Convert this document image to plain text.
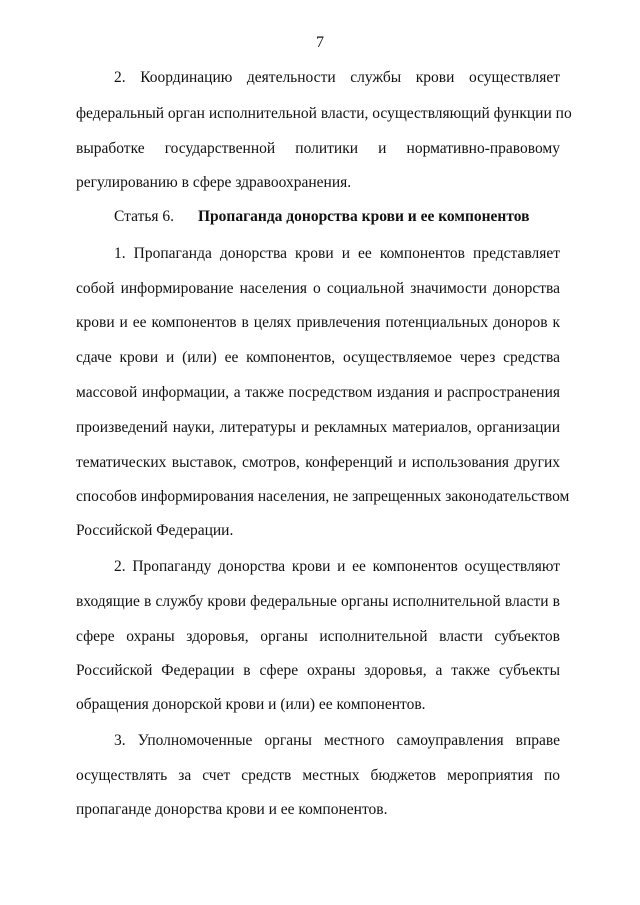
7
2. Координацию деятельности службы крови осуществляет
федеральный орган исполнительной власти, осуществляющий функции по
выработке государственной политики и нормативно-правовому
регулированию в сфере здравоохранения.
Статья 6. Пропаганда донорства крови и ее компонентов
1. Пропаганда донорства крови и ее компонентов представляет
собой информирование населения о социальной значимости донорства
крови и ее компонентов в целях привлечения потенциальных доноров к
сдаче крови и (или) ее компонентов, осуществляемое через средства
массовой информации, а также посредством издания и распространения
произведений науки, литературы и рекламных материалов, организации
тематических выставок, смотров, конференций и использования других
способов информирования населения, не запрещенных законодательством
Российской Федерации.
2. Пропаганду донорства крови и ее компонентов осуществляют
входящие в службу крови федеральные органы исполнительной власти в
сфере охраны здоровья, органы исполнительной власти субъектов
Российской Федерации в сфере охраны здоровья, а также субъекты
обращения донорской крови и (или) ее компонентов.
3. Уполномоченные органы местного самоуправления вправе
осуществлять за счет средств местных бюджетов мероприятия по
пропаганде донорства крови и ее компонентов.
